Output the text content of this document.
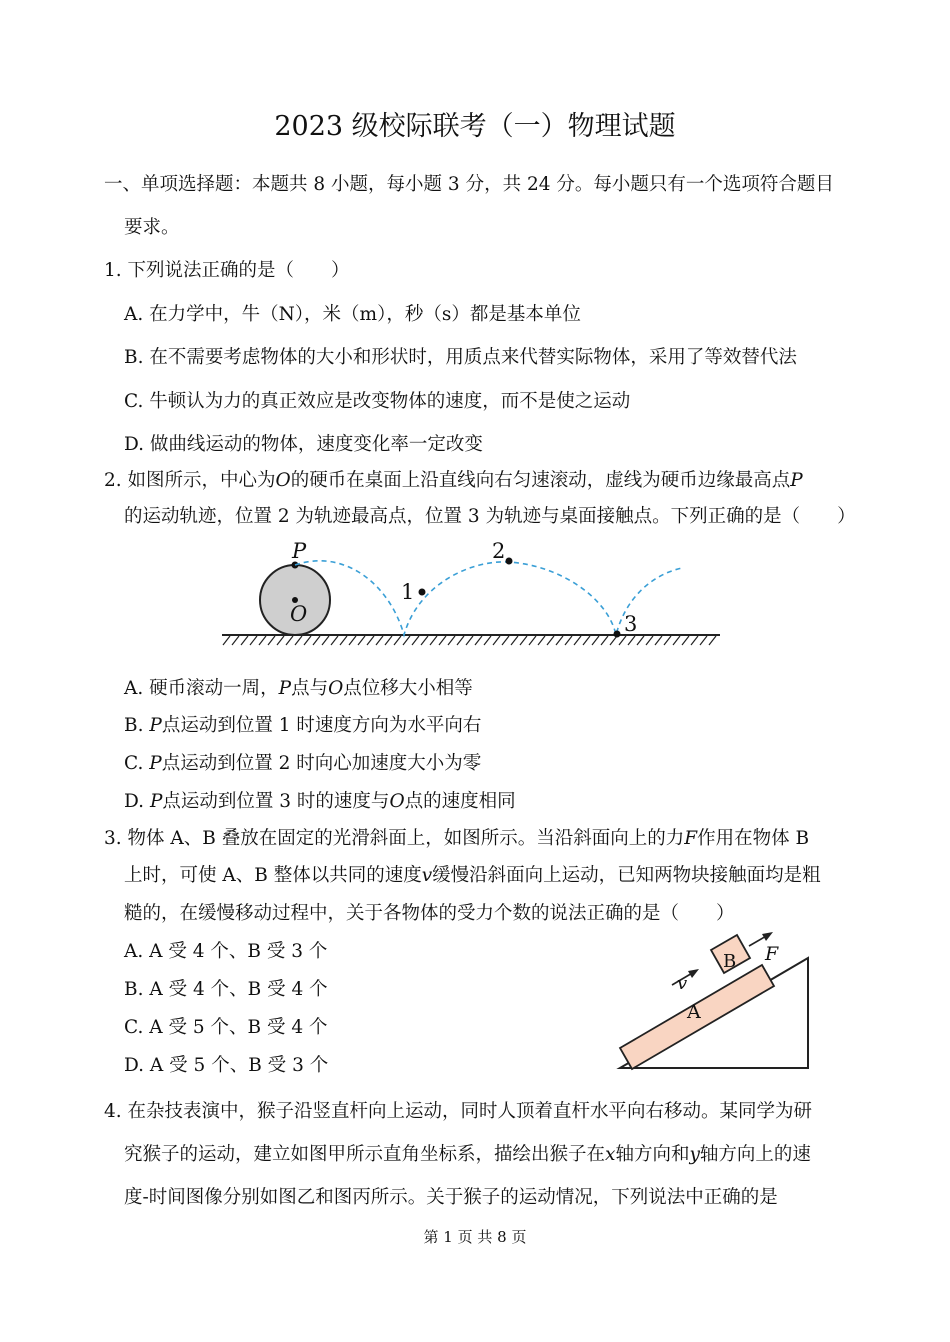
2023 级校际联考（一）物理试题
一、单项选择题：本题共 8 小题，每小题 3 分，共 24 分。每小题只有一个选项符合题目
要求。
1. 下列说法正确的是（　　）
A. 在力学中，牛（N），米（m），秒（s）都是基本单位
B. 在不需要考虑物体的大小和形状时，用质点来代替实际物体，采用了等效替代法
C. 牛顿认为力的真正效应是改变物体的速度，而不是使之运动
D. 做曲线运动的物体，速度变化率一定改变
2. 如图所示，中心为O的硬币在桌面上沿直线向右匀速滚动，虚线为硬币边缘最高点P
的运动轨迹，位置 2 为轨迹最高点，位置 3 为轨迹与桌面接触点。下列正确的是（　　）
P
O
1
2
3
A. 硬币滚动一周，P点与O点位移大小相等
B. P点运动到位置 1 时速度方向为水平向右
C. P点运动到位置 2 时向心加速度大小为零
D. P点运动到位置 3 时的速度与O点的速度相同
3. 物体 A、B 叠放在固定的光滑斜面上，如图所示。当沿斜面向上的力F作用在物体 B
上时，可使 A、B 整体以共同的速度v缓慢沿斜面向上运动，已知两物块接触面均是粗
糙的，在缓慢移动过程中，关于各物体的受力个数的说法正确的是（　　）
A. A 受 4 个、B 受 3 个
B. A 受 4 个、B 受 4 个
C. A 受 5 个、B 受 4 个
D. A 受 5 个、B 受 3 个
A
B F
v
4. 在杂技表演中，猴子沿竖直杆向上运动，同时人顶着直杆水平向右移动。某同学为研
究猴子的运动，建立如图甲所示直角坐标系，描绘出猴子在x轴方向和y轴方向上的速
度-时间图像分别如图乙和图丙所示。关于猴子的运动情况，下列说法中正确的是
第 1 页 共 8 页
